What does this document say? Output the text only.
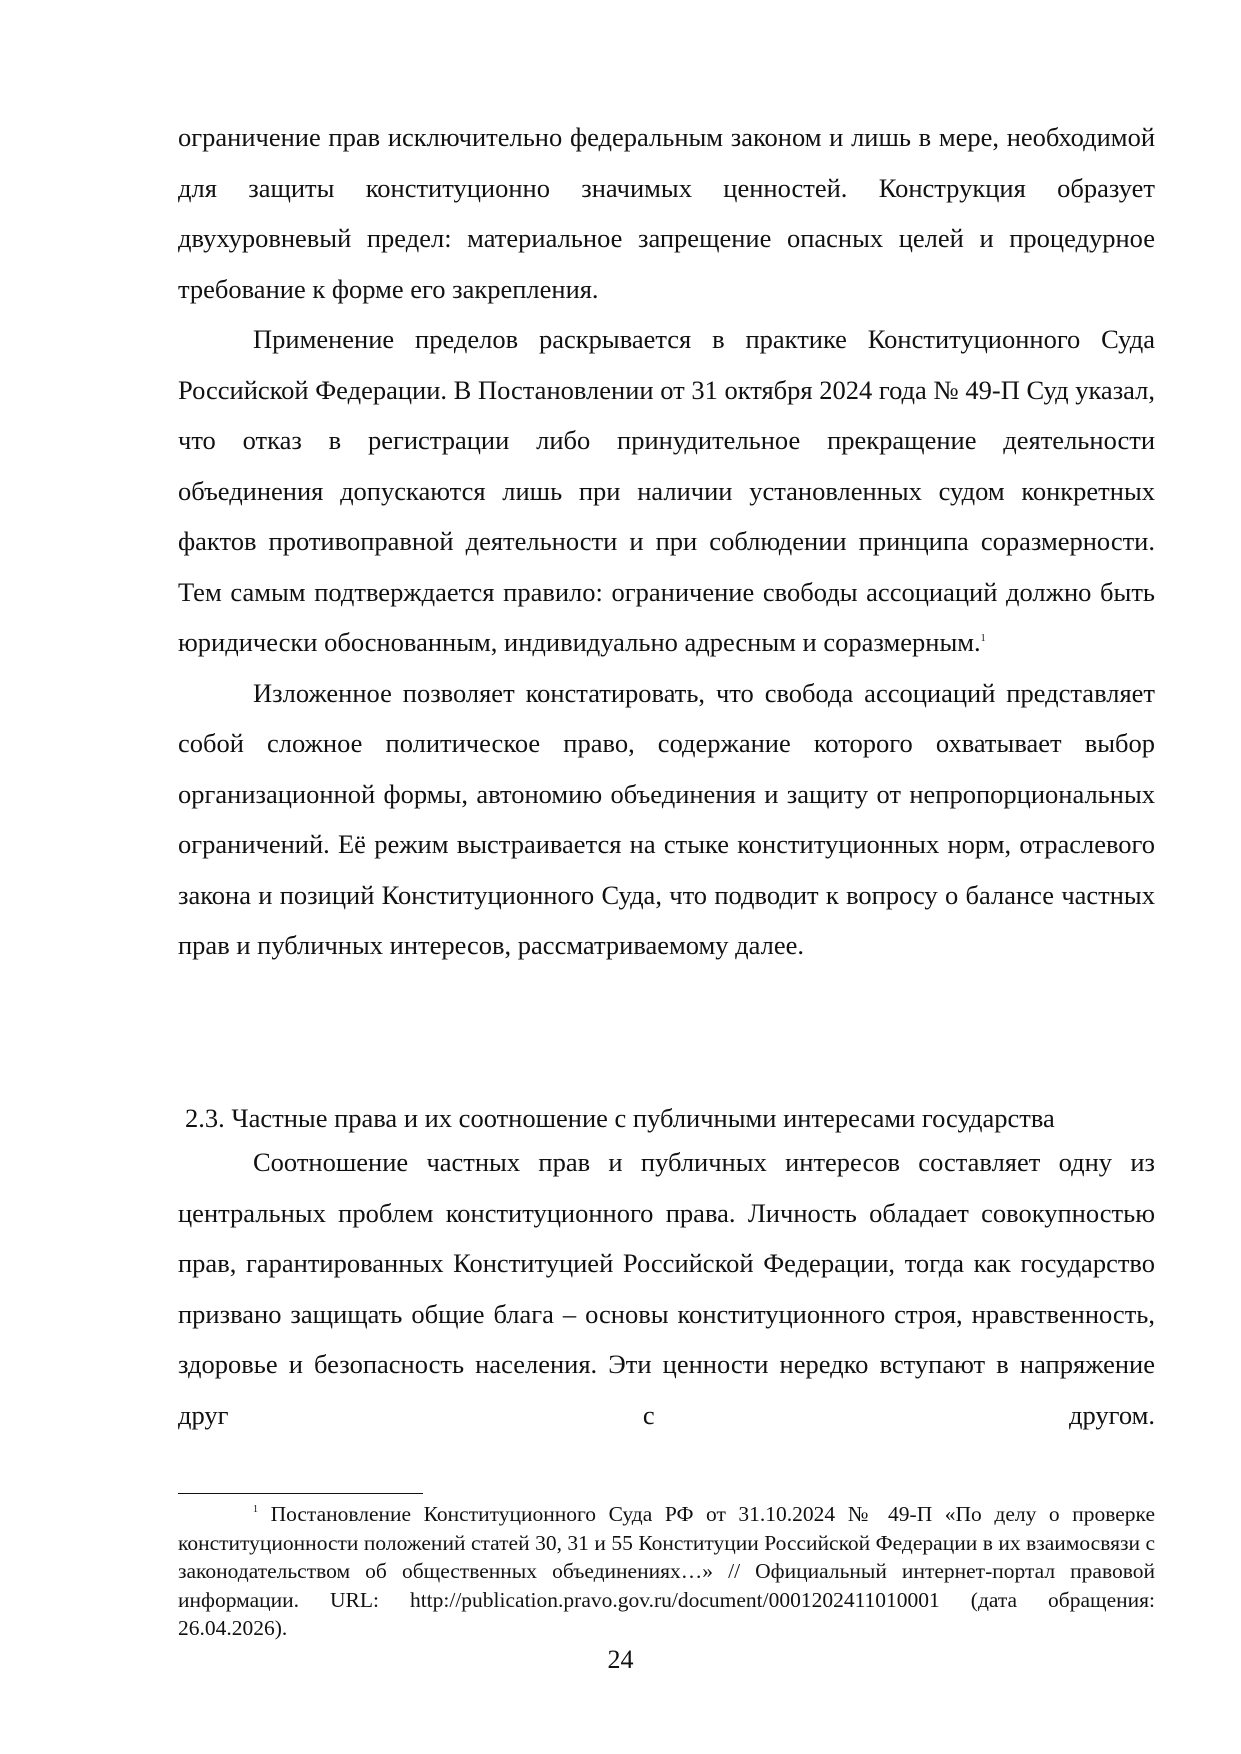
ограничение прав исключительно федеральным законом и лишь в мере, необходимой для защиты конституционно значимых ценностей. Конструкция образует двухуровневый предел: материальное запрещение опасных целей и процедурное требование к форме его закрепления.

Применение пределов раскрывается в практике Конституционного Суда Российской Федерации. В Постановлении от 31 октября 2024 года № 49-П Суд указал, что отказ в регистрации либо принудительное прекращение деятельности объединения допускаются лишь при наличии установленных судом конкретных фактов противоправной деятельности и при соблюдении принципа соразмерности. Тем самым подтверждается правило: ограничение свободы ассоциаций должно быть юридически обоснованным, индивидуально адресным и соразмерным.$^1$

Изложенное позволяет констатировать, что свобода ассоциаций представляет собой сложное политическое право, содержание которого охватывает выбор организационной формы, автономию объединения и защиту от непропорциональных ограничений. Её режим выстраивается на стыке конституционных норм, отраслевого закона и позиций Конституционного Суда, что подводит к вопросу о балансе частных прав и публичных интересов, рассматриваемому далее.

2.3. Частные права и их соотношение с публичными интересами государства

Соотношение частных прав и публичных интересов составляет одну из центральных проблем конституционного права. Личность обладает совокупностью прав, гарантированных Конституцией Российской Федерации, тогда как государство призвано защищать общие блага – основы конституционного строя, нравственность, здоровье и безопасность населения. Эти ценности нередко вступают в напряжение друг с другом.

$^1$ Постановление Конституционного Суда РФ от 31.10.2024 № 49-П «По делу о проверке конституционности положений статей 30, 31 и 55 Конституции Российской Федерации в их взаимосвязи с законодательством об общественных объединениях…» // Официальный интернет-портал правовой информации. URL: http://publication.pravo.gov.ru/document/0001202411010001 (дата обращения: 26.04.2026).
24
